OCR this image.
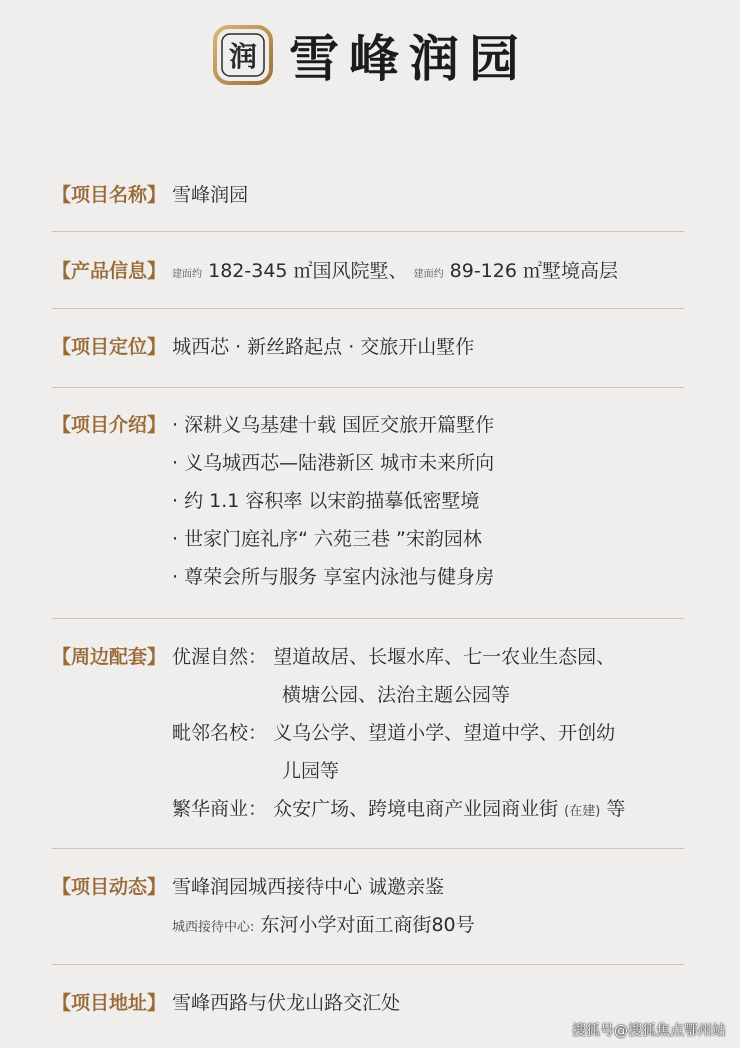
润 雪峰润园
【项目名称】 雪峰润园
【产品信息】 建面约 182-345 ㎡国风院墅、 建面约 89-126 ㎡墅境高层
【项目定位】 城西芯 · 新丝路起点 · 交旅开山墅作
【项目介绍】 · 深耕义乌基建十载 国匠交旅开篇墅作
· 义乌城西芯—陆港新区 城市未来所向
· 约 1.1 容积率 以宋韵描摹低密墅境
· 世家门庭礼序“ 六苑三巷 ”宋韵园林
· 尊荣会所与服务 享室内泳池与健身房
【周边配套】 优渥自然： 望道故居、长堰水库、七一农业生态园、
横塘公园、法治主题公园等
毗邻名校： 义乌公学、望道小学、望道中学、开创幼
儿园等
繁华商业： 众安广场、跨境电商产业园商业街 (在建) 等
【项目动态】 雪峰润园城西接待中心 诚邀亲鉴
城西接待中心: 东河小学对面工商街80号
【项目地址】 雪峰西路与伏龙山路交汇处
搜狐号@搜狐焦点鄂州站
